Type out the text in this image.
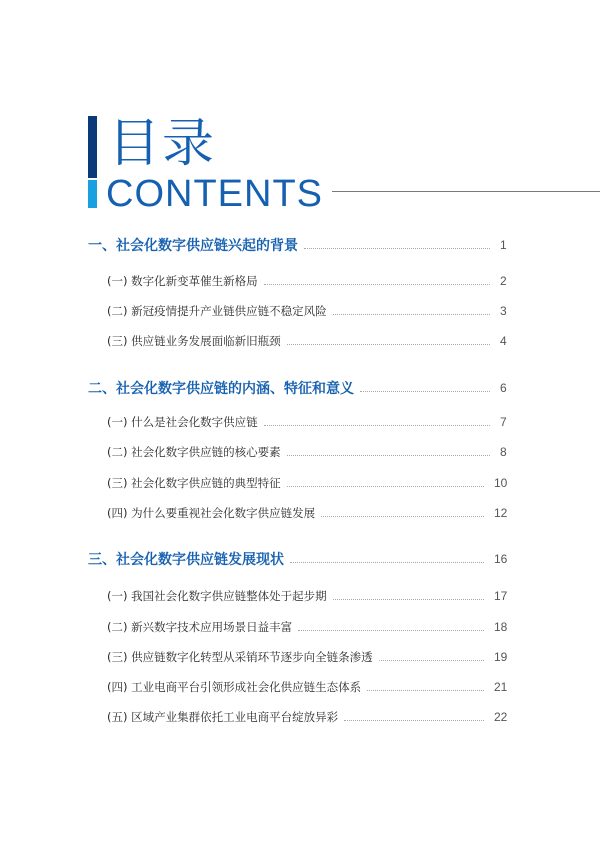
目录
CONTENTS
一、社会化数字供应链兴起的背景	1
(一) 数字化新变革催生新格局	2
(二) 新冠疫情提升产业链供应链不稳定风险	3
(三) 供应链业务发展面临新旧瓶颈	4
二、社会化数字供应链的内涵、特征和意义	6
(一) 什么是社会化数字供应链	7
(二) 社会化数字供应链的核心要素	8
(三) 社会化数字供应链的典型特征	10
(四) 为什么要重视社会化数字供应链发展	12
三、社会化数字供应链发展现状	16
(一) 我国社会化数字供应链整体处于起步期	17
(二) 新兴数字技术应用场景日益丰富	18
(三) 供应链数字化转型从采销环节逐步向全链条渗透	19
(四) 工业电商平台引领形成社会化供应链生态体系	21
(五) 区域产业集群依托工业电商平台绽放异彩	22
